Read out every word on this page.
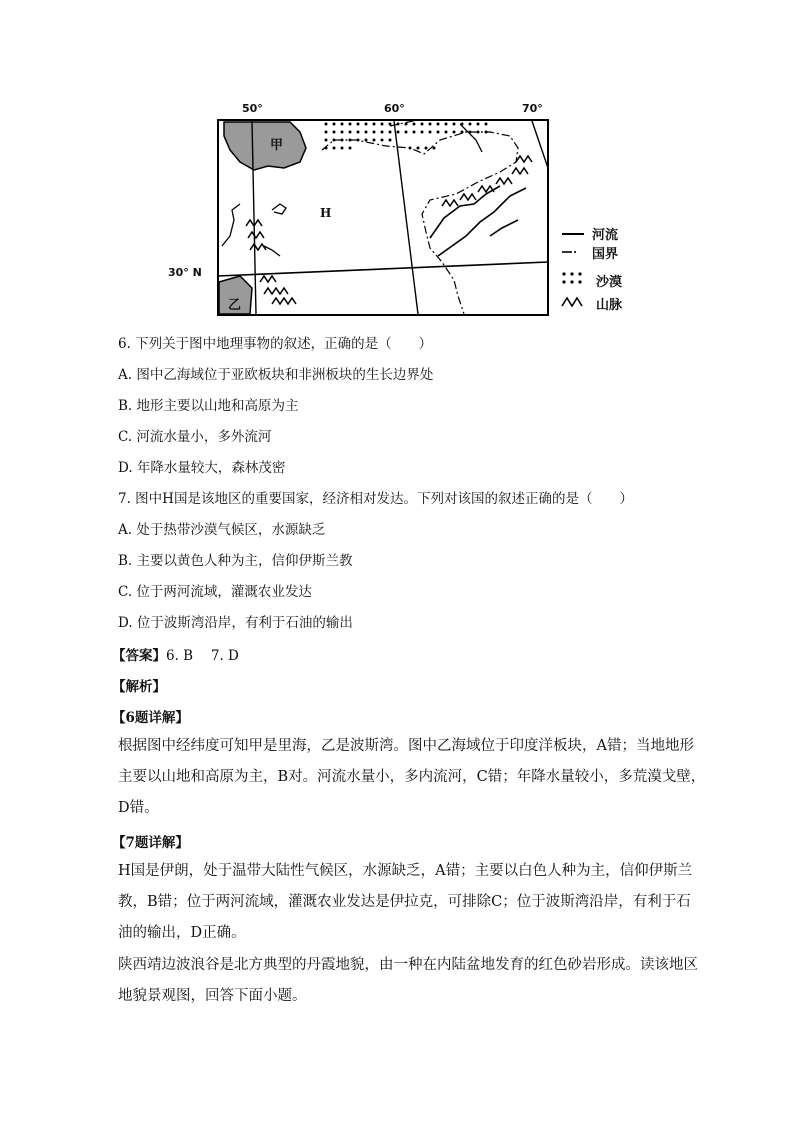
50°	60°	70°
30° N
甲
乙
H
河流
国界
沙漠
山脉
6. 下列关于图中地理事物的叙述，正确的是（　　）
A. 图中乙海域位于亚欧板块和非洲板块的生长边界处
B. 地形主要以山地和高原为主
C. 河流水量小，多外流河
D. 年降水量较大，森林茂密
7. 图中H国是该地区的重要国家，经济相对发达。下列对该国的叙述正确的是（　　）
A. 处于热带沙漠气候区，水源缺乏
B. 主要以黄色人种为主，信仰伊斯兰教
C. 位于两河流域，灌溉农业发达
D. 位于波斯湾沿岸，有利于石油的输出
【答案】6. B　 7. D
【解析】
【6题详解】
根据图中经纬度可知甲是里海，乙是波斯湾。图中乙海域位于印度洋板块，A错；当地地形
主要以山地和高原为主，B对。河流水量小，多内流河，C错；年降水量较小，多荒漠戈壁，
D错。
【7题详解】
H国是伊朗，处于温带大陆性气候区，水源缺乏，A错；主要以白色人种为主，信仰伊斯兰
教，B错；位于两河流域，灌溉农业发达是伊拉克，可排除C；位于波斯湾沿岸，有利于石
油的输出，D正确。
陕西靖边波浪谷是北方典型的丹霞地貌，由一种在内陆盆地发育的红色砂岩形成。读该地区
地貌景观图，回答下面小题。
